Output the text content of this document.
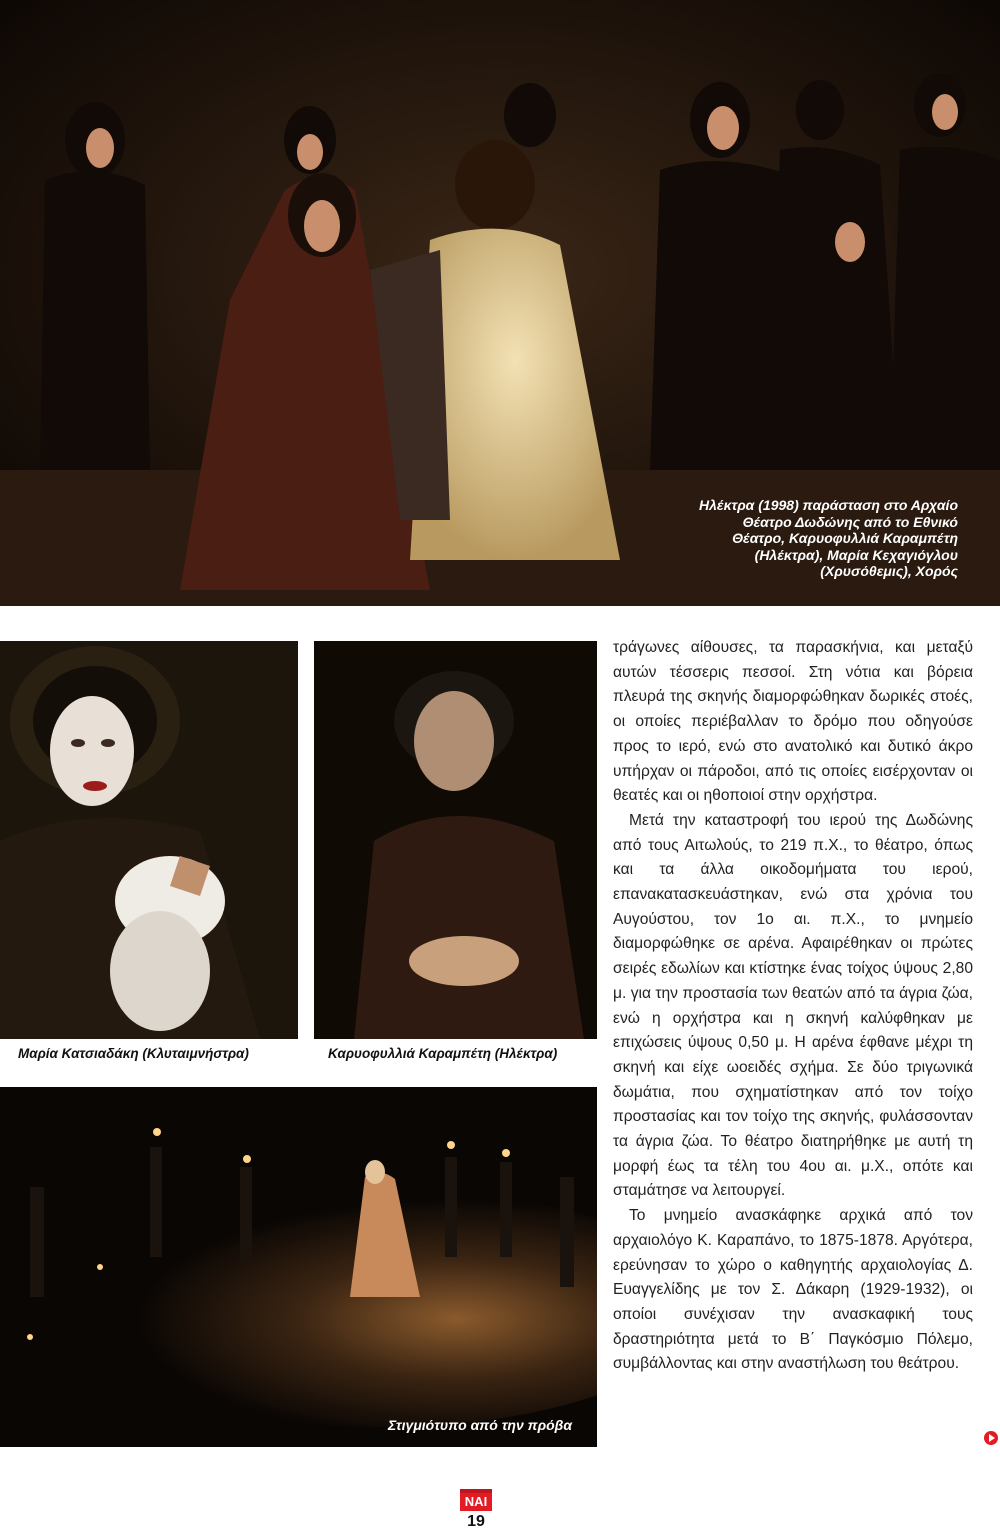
Ηλέκτρα (1998) παράσταση στο Αρχαίο Θέατρο Δωδώνης από το Εθνικό Θέατρο, Καρυοφυλλιά Καραμπέτη (Ηλέκτρα), Μαρία Κεχαγιόγλου (Χρυσόθεμις), Χορός
Μαρία Κατσιαδάκη (Κλυταιμνήστρα)	Καρυοφυλλιά Καραμπέτη (Ηλέκτρα)
Στιγμιότυπο από την πρόβα

τράγωνες αίθουσες, τα παρασκήνια, και μεταξύ αυτών τέσσερις πεσσοί. Στη νότια και βόρεια πλευρά της σκηνής διαμορφώθηκαν δωρικές στοές, οι οποίες περιέβαλλαν το δρόμο που οδηγούσε προς το ιερό, ενώ στο ανατολικό και δυτικό άκρο υπήρχαν οι πάροδοι, από τις οποίες εισέρχονταν οι θεατές και οι ηθοποιοί στην ορχήστρα.

Μετά την καταστροφή του ιερού της Δωδώνης από τους Αιτωλούς, το 219 π.Χ., το θέατρο, όπως και τα άλλα οικοδομήματα του ιερού, επανακατασκευάστηκαν, ενώ στα χρόνια του Αυγούστου, τον 1ο αι. π.Χ., το μνημείο διαμορφώθηκε σε αρένα. Αφαιρέθηκαν οι πρώτες σειρές εδωλίων και κτίστηκε ένας τοίχος ύψους 2,80 μ. για την προστασία των θεατών από τα άγρια ζώα, ενώ η ορχήστρα και η σκηνή καλύφθηκαν με επιχώσεις ύψους 0,50 μ. Η αρένα έφθανε μέχρι τη σκηνή και είχε ωοειδές σχήμα. Σε δύο τριγωνικά δωμάτια, που σχηματίστηκαν από τον τοίχο προστασίας και τον τοίχο της σκηνής, φυλάσσονταν τα άγρια ζώα. Το θέατρο διατηρήθηκε με αυτή τη μορφή έως τα τέλη του 4ου αι. μ.Χ., οπότε και σταμάτησε να λειτουργεί.

Το μνημείο ανασκάφηκε αρχικά από τον αρχαιολόγο Κ. Καραπάνο, το 1875-1878. Αργότερα, ερεύνησαν το χώρο ο καθηγητής αρχαιολογίας Δ. Ευαγγελίδης με τον Σ. Δάκαρη (1929-1932), οι οποίοι συνέχισαν την ανασκαφική τους δραστηριότητα μετά το Β΄ Παγκόσμιο Πόλεμο, συμβάλλοντας και στην αναστήλωση του θεάτρου.

ΝΑΙ
19
